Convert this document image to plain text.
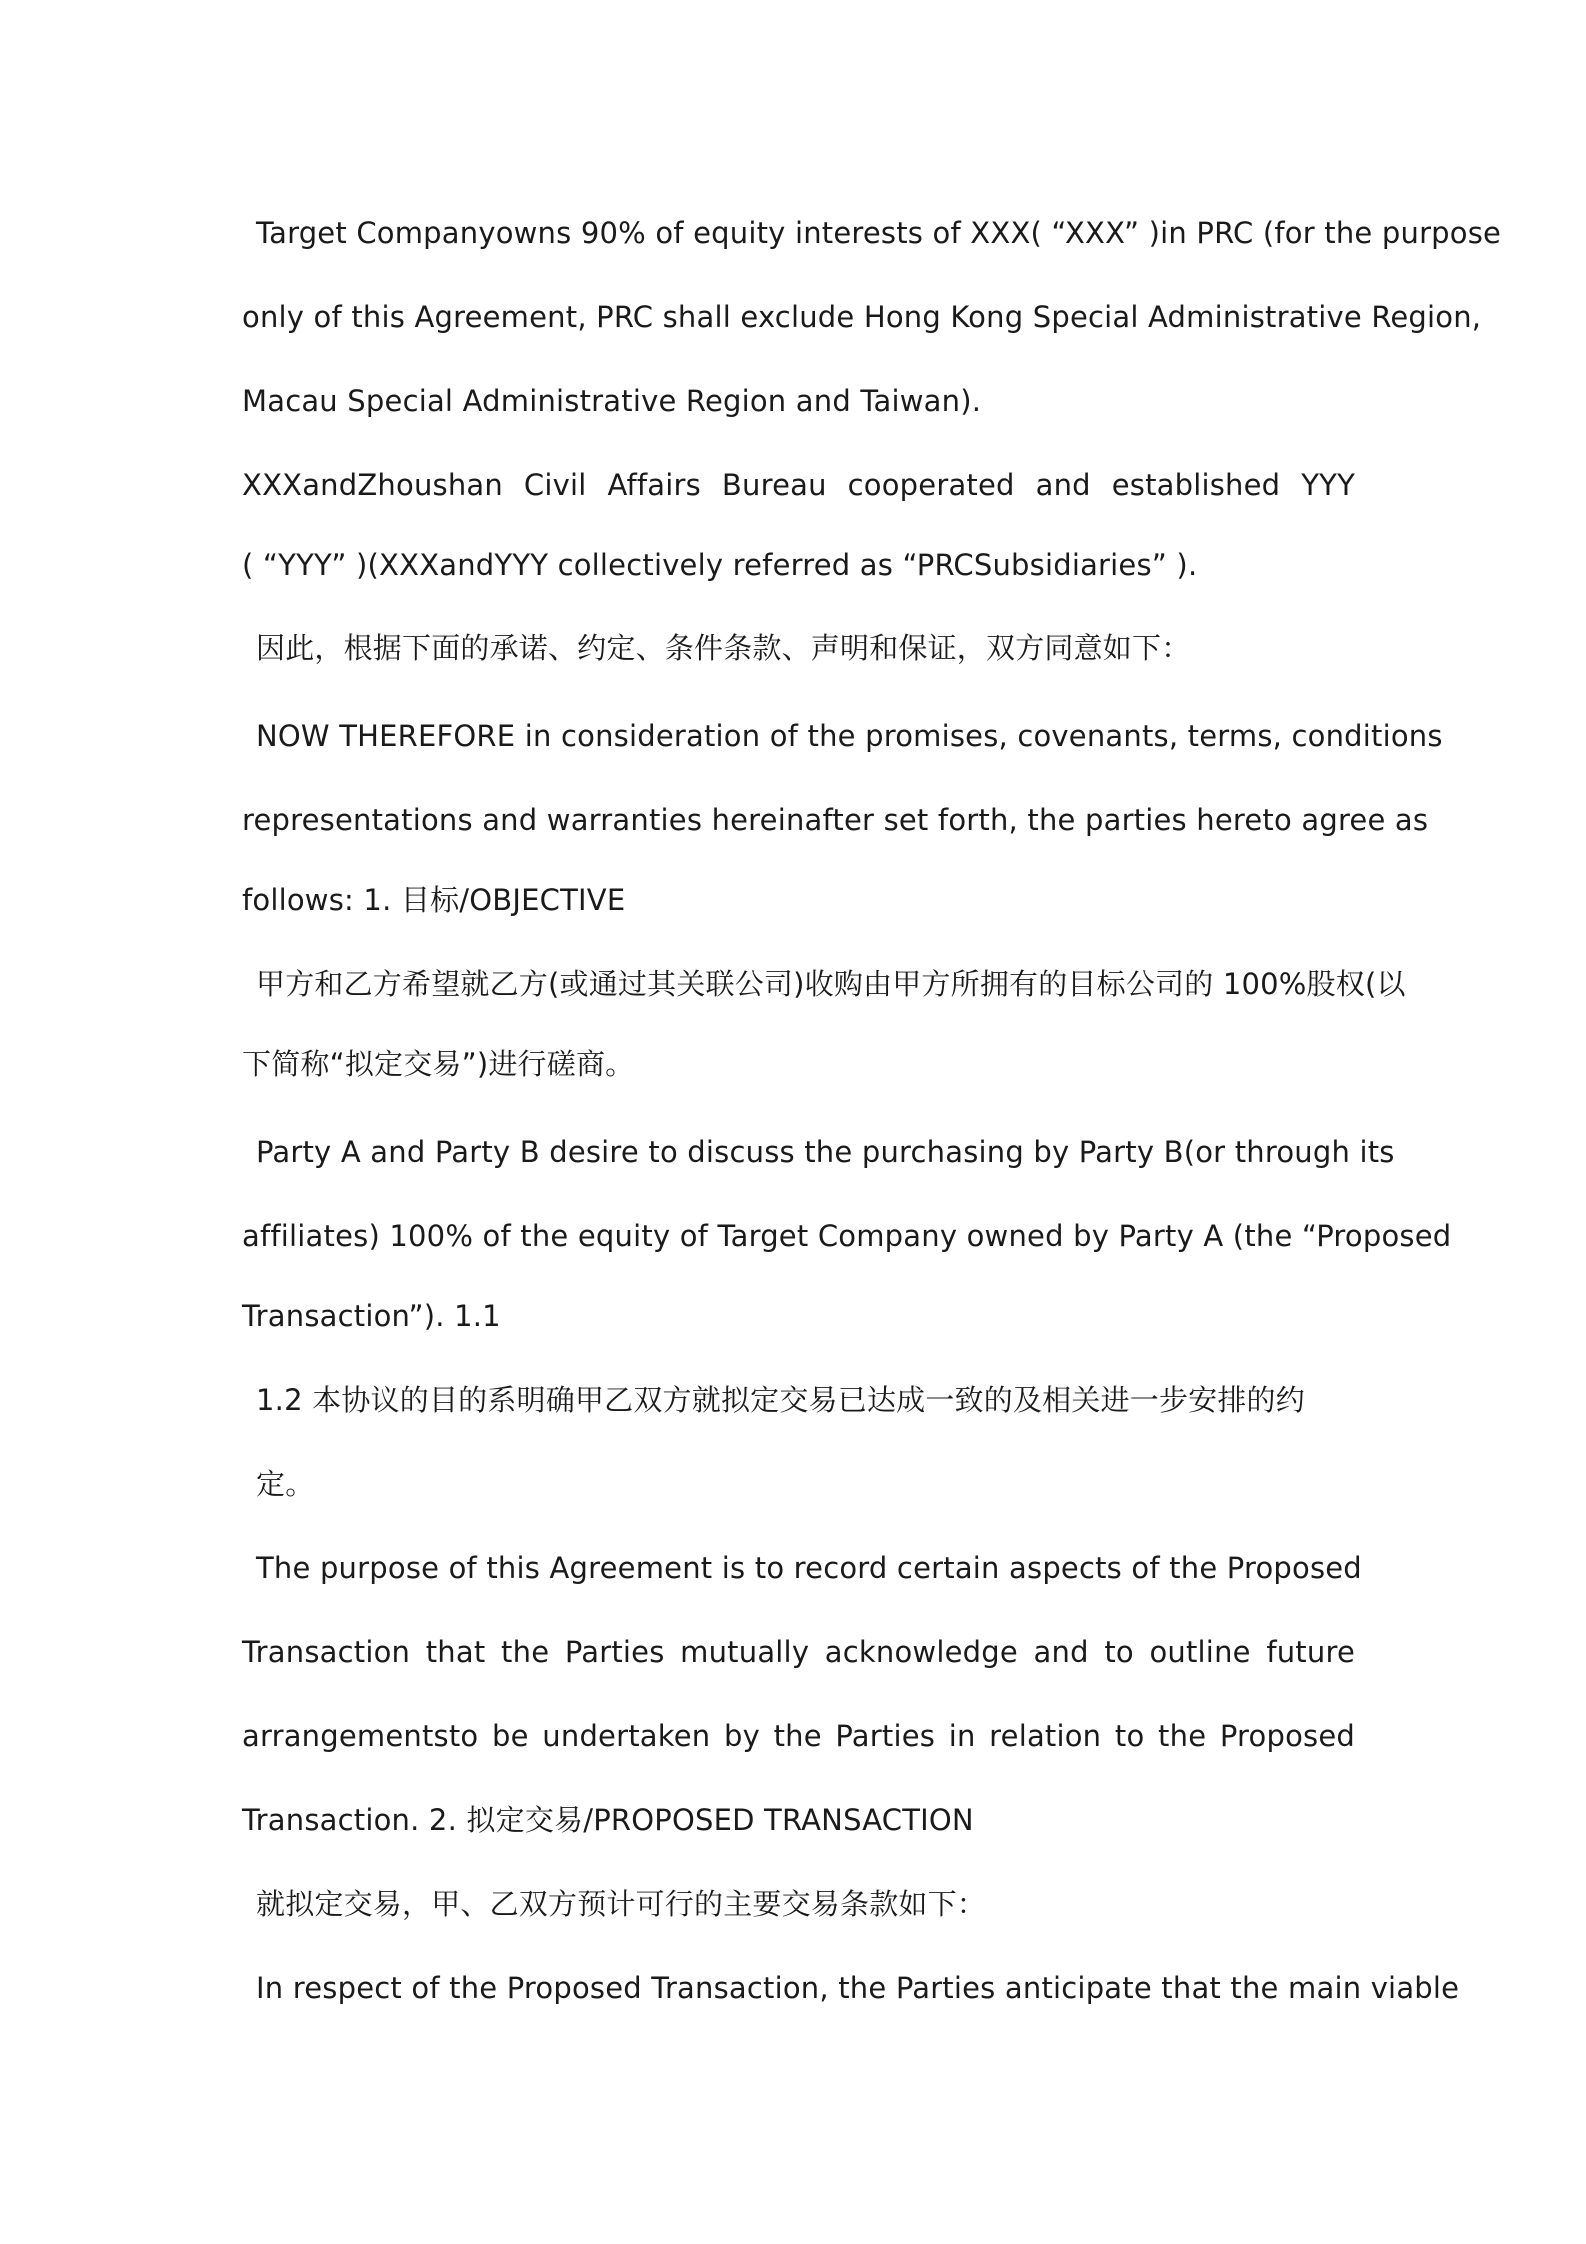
Target Companyowns 90% of equity interests of XXX( “XXX” )in PRC (for the purpose
only of this Agreement, PRC shall exclude Hong Kong Special Administrative Region,
Macau Special Administrative Region and Taiwan).
XXXandZhoushan Civil Affairs Bureau cooperated and established YYY
( “YYY” )(XXXandYYY collectively referred as “PRCSubsidiaries” ).
因此，根据下面的承诺、约定、条件条款、声明和保证，双方同意如下：
NOW THEREFORE in consideration of the promises, covenants, terms, conditions
representations and warranties hereinafter set forth, the parties hereto agree as
follows: 1. 目标/OBJECTIVE
甲方和乙方希望就乙方(或通过其关联公司)收购由甲方所拥有的目标公司的 100%股权(以
下简称“拟定交易”)进行磋商。
Party A and Party B desire to discuss the purchasing by Party B(or through its
affiliates) 100% of the equity of Target Company owned by Party A (the “Proposed
Transaction”). 1.1
1.2 本协议的目的系明确甲乙双方就拟定交易已达成一致的及相关进一步安排的约
定。
The purpose of this Agreement is to record certain aspects of the Proposed
Transaction that the Parties mutually acknowledge and to outline future
arrangementsto be undertaken by the Parties in relation to the Proposed
Transaction. 2. 拟定交易/PROPOSED TRANSACTION
就拟定交易，甲、乙双方预计可行的主要交易条款如下：
In respect of the Proposed Transaction, the Parties anticipate that the main viable
